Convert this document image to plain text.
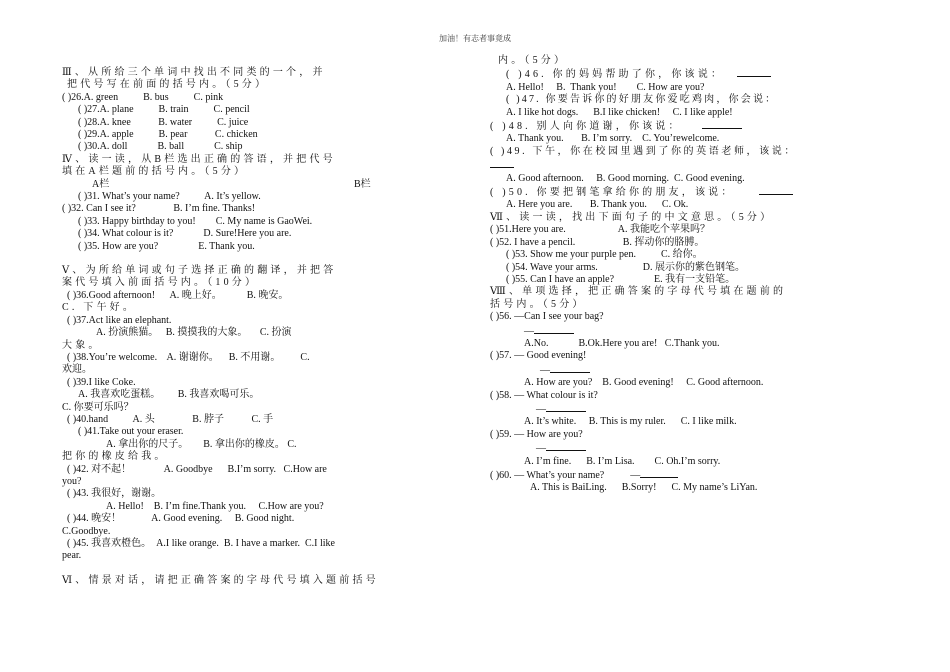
加油！有志者事竟成
Ⅲ、从所给三个单词中找出不同类的一个，并
把代号写在前面的括号内。（5分）
( )26.A. green          B. bus          C. pink
( )27.A. plane          B. train          C. pencil
( )28.A. knee           B. water          C. juice
( )29.A. apple          B. pear           C. chicken
( )30.A. doll            B. ball            C. ship
Ⅳ、读一读，从B栏选出正确的答语，并把代号
填在A栏题前的括号内。（5分）
A栏	B栏
( )31. What’s your name?          A. It’s yellow.
( )32. Can I see it?               B. I’m fine. Thanks!
( )33. Happy birthday to you!        C. My name is GaoWei.
( )34. What colour is it?            D. Sure!Here you are.
( )35. How are you?                E. Thank you.
Ⅴ、为所给单词或句子选择正确的翻译，并把答
案代号填入前面括号内。（10分）
( )36.Good afternoon!      A. 晚上好。          B. 晚安。
C. 下午好。
( )37.Act like an elephant.
A. 扮演熊猫。   B. 摸摸我的大象。     C. 扮演
大象。
( )38.You’re welcome.    A. 谢谢你。    B. 不用谢。        C.
欢迎。
( )39.I like Coke.
A. 我喜欢吃蛋糕。       B. 我喜欢喝可乐。
C. 你要可乐吗？
( )40.hand          A. 头               B. 脖子           C. 手
( )41.Take out your eraser.
A. 拿出你的尺子。      B. 拿出你的橡皮。 C.
把你的橡皮给我。
( )42. 对不起！             A. Goodbye      B.I’m sorry.   C.How are
you?
( )43. 我很好，谢谢。
A. Hello!    B. I’m fine.Thank you.     C.How are you?
( )44. 晚安！            A. Good evening.     B. Good night.
C.Goodbye.
( )45. 我喜欢橙色。  A.I like orange.  B. I have a marker.  C.I like
pear.
Ⅵ、情景对话，请把正确答案的字母代号填入题前括号
内。（5分）
( )46. 你的妈妈帮助了你，你该说：
A. Hello!     B.  Thank you!        C. How are you?
( )47. 你要告诉你的好朋友你爱吃鸡肉，你会说：
A. I like hot dogs.      B.I like chicken!     C. I like apple!
( )48. 别人向你道谢，你该说：
A. Thank you.       B. I’m sorry.    C. You’rewelcome.
( )49. 下午，你在校园里遇到了你的英语老师，该说：
A. Good afternoon.     B. Good morning.  C. Good evening.
( )50. 你要把钢笔拿给你的朋友，该说：
A. Here you are.       B. Thank you.      C. Ok.
Ⅶ、读一读，找出下面句子的中文意思。（5分）
( )51.Here you are.                     A. 我能吃个苹果吗？
( )52. I have a pencil.                   B. 挥动你的胳膊。
( )53. Show me your purple pen.          C. 给你。
( )54. Wave your arms.                  D. 展示你的紫色钢笔。
( )55. Can I have an apple?                E. 我有一支铅笔。
Ⅷ、单项选择，把正确答案的字母代号填在题前的
括号内。（5分）
( )56. —Can I see your bag?
—
A.No.            B.Ok.Here you are!   C.Thank you.
( )57. — Good evening!
—
A. How are you?    B. Good evening!     C. Good afternoon.
( )58. — What colour is it?
—
A. It’s white.     B. This is my ruler.      C. I like milk.
( )59. — How are you?
—
A. I’m fine.      B. I’m Lisa.        C. Oh.I’m sorry.
( )60. — What’s your name?	—
A. This is BaiLing.      B.Sorry!      C. My name’s LiYan.
